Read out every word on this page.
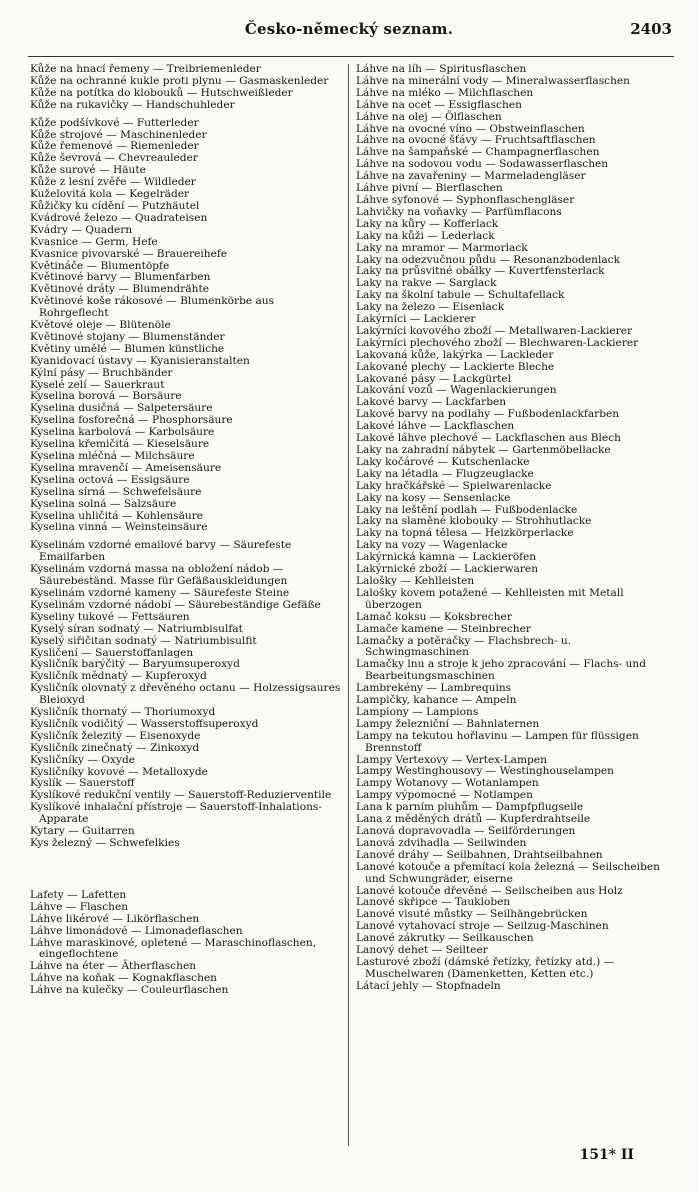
Česko-německý seznam.	2403
Kůže na hnací řemeny — Treibriemenleder
Kůže na ochranné kukle proti plynu — Gasmaskenleder
Kůže na potítka do klobouků — Hutschweißleder
Kůže na rukavičky — Handschuhleder
Kůže podšívkové — Futterleder
Kůže strojové — Maschinenleder
Kůže řemenové — Riemenleder
Kůže ševrová — Chevreauleder
Kůže surové — Häute
Kůže z lesní zvěře — Wildleder
Kuželovitá kola — Kegelräder
Kůžičky ku cídění — Putzhäutel
Kvádrové železo — Quadrateisen
Kvádry — Quadern
Kvasnice — Germ, Hefe
Kvasnice pivovarské — Brauereihefe
Květináče — Blumentöpfe
Květinové barvy — Blumenfarben
Květinové dráty — Blumendrähte
Květinové koše rákosové — Blumenkörbe aus Rohrgeflecht
Květové oleje — Blütenöle
Květinové stojany — Blumenständer
Květiny umělé — Blumen künstliche
Kyanidovací ústavy — Kyanisieranstalten
Kýlní pásy — Bruchbänder
Kyselé zelí — Sauerkraut
Kyselina borová — Borsäure
Kyselina dusičná — Salpetersäure
Kyselina fosforečná — Phosphorsäure
Kyselina karbolová — Karbolsäure
Kyselina křemičitá — Kieselsäure
Kyselina mléčná — Milchsäure
Kyselina mravenčí — Ameisensäure
Kyselina octová — Essigsäure
Kyselina sírná — Schwefelsäure
Kyselina solná — Salzsäure
Kyselina uhličitá — Kohlensäure
Kyselina vinná — Weinsteinsäure
Kyselinám vzdorné emailové barvy — Säurefeste Emailfarben
Kyselinám vzdorná massa na obložení nádob — Säurebeständ. Masse für Gefäßauskleidungen
Kyselinám vzdorné kameny — Säurefeste Steine
Kyselinám vzdorné nádobí — Säurebeständige Gefäße
Kyseliny tukové — Fettsäuren
Kyselý síran sodnatý — Natriumbisulfat
Kyselý siřičitan sodnatý — Natriumbisulfit
Kysličení — Sauerstoffanlagen
Kysličník barýčitý — Baryumsuperoxyd
Kysličník mědnatý — Kupferoxyd
Kysličník olovnatý z dřevěného octanu — Holzessigsaures Bleioxyd
Kysličník thornatý — Thoriumoxyd
Kysličník vodičitý — Wasserstoffsuperoxyd
Kysličník železitý — Eisenoxyde
Kysličník zinečnatý — Zinkoxyd
Kysličníky — Oxyde
Kysličníky kovové — Metalloxyde
Kyslík — Sauerstoff
Kyslíkové redukční ventily — Sauerstoff-Reduzierventile
Kyslíkové inhalační přístroje — Sauerstoff-Inhalations-Apparate
Kytary — Guitarren
Kys železný — Schwefelkies
Lafety — Lafetten
Láhve — Flaschen
Láhve likérové — Likörflaschen
Láhve limonádové — Limonadeflaschen
Láhve maraskinové, opletené — Maraschinoflaschen, eingeflochtene
Láhve na éter — Ätherflaschen
Láhve na koňak — Kognakflaschen
Láhve na kulečky — Couleurflaschen
Láhve na líh — Spiritusflaschen
Láhve na minerální vody — Mineralwasserflaschen
Láhve na mléko — Milchflaschen
Láhve na ocet — Essigflaschen
Láhve na olej — Ölflaschen
Láhve na ovocné víno — Obstweinflaschen
Láhve na ovocné šťávy — Fruchtsaftflaschen
Láhve na šampaňské — Champagnerflaschen
Láhve na sodovou vodu — Sodawasserflaschen
Láhve na zavařeniny — Marmeladengläser
Láhve pivní — Bierflaschen
Láhve syfonové — Syphonflaschengläser
Lahvičky na voňavky — Parfümflacons
Laky na kůry — Kofferlack
Laky na kůži — Lederlack
Laky na mramor — Marmorlack
Laky na odezvučnou půdu — Resonanzbodenlack
Laky na průsvitné obálky — Kuvertfensterlack
Laky na rakve — Sarglack
Laky na školní tabule — Schultafellack
Laky na železo — Eisenlack
Lakýrníci — Lackierer
Lakýrníci kovového zboží — Metallwaren-Lackierer
Lakýrníci plechového zboží — Blechwaren-Lackierer
Lakovaná kůže, lakýrka — Lackleder
Lakované plechy — Lackierte Bleche
Lakované pásy — Lackgürtel
Lakování vozů — Wagenlackierungen
Lakové barvy — Lackfarben
Lakové barvy na podlahy — Fußbodenlackfarben
Lakové láhve — Lackflaschen
Lakové láhve plechové — Lackflaschen aus Blech
Laky na zahradní nábytek — Gartenmöbellacke
Laky kočárové — Kutschenlacke
Laky na létadla — Flugzeuglacke
Laky hračkářské — Spielwarenlacke
Laky na kosy — Sensenlacke
Laky na leštění podlah — Fußbodenlacke
Laky na slaměné klobouky — Strohhutlacke
Laky na topná tělesa — Heizkörperlacke
Laky na vozy — Wagenlacke
Lakýrnická kamna — Lackieröfen
Lakýrnické zboží — Lackierwaren
Lalošky — Kehlleisten
Lalošky kovem potažené — Kehlleisten mit Metall überzogen
Lamač koksu — Koksbrecher
Lamače kamene — Steinbrecher
Lamačky a potěračky — Flachsbrech- u. Schwingmaschinen
Lamačky lnu a stroje k jeho zpracování — Flachs- und Bearbeitungsmaschinen
Lambrekény — Lambrequins
Lampičky, kahance — Ampeln
Lampiony — Lampions
Lampy železniční — Bahnlaternen
Lampy na tekutou hořlavinu — Lampen für flüssigen Brennstoff
Lampy Vertexovy — Vertex-Lampen
Lampy Westinghousovy — Westinghouselampen
Lampy Wotanovy — Wotanlampen
Lampy výpomocné — Notlampen
Lana k parním pluhům — Dampfpflugseile
Lana z měděných drátů — Kupferdrahtseile
Lanová dopravovadla — Seilförderungen
Lanová zdvihadla — Seilwinden
Lanové dráhy — Seilbahnen, Drahtseilbahnen
Lanové kotouče a přemítací kola železná — Seilscheiben und Schwungräder, eiserne
Lanové kotouče dřevěné — Seilscheiben aus Holz
Lanové skřipce — Taukloben
Lanové visuté můstky — Seilhängebrücken
Lanové vytahovací stroje — Seilzug-Maschinen
Lanové zákrutky — Seilkauschen
Lanový dehet — Seilteer
Lasturové zboží (dámské řetízky, řetízky atd.) — Muschelwaren (Damenketten, Ketten etc.)
Látací jehly — Stopfnadeln
151* II
